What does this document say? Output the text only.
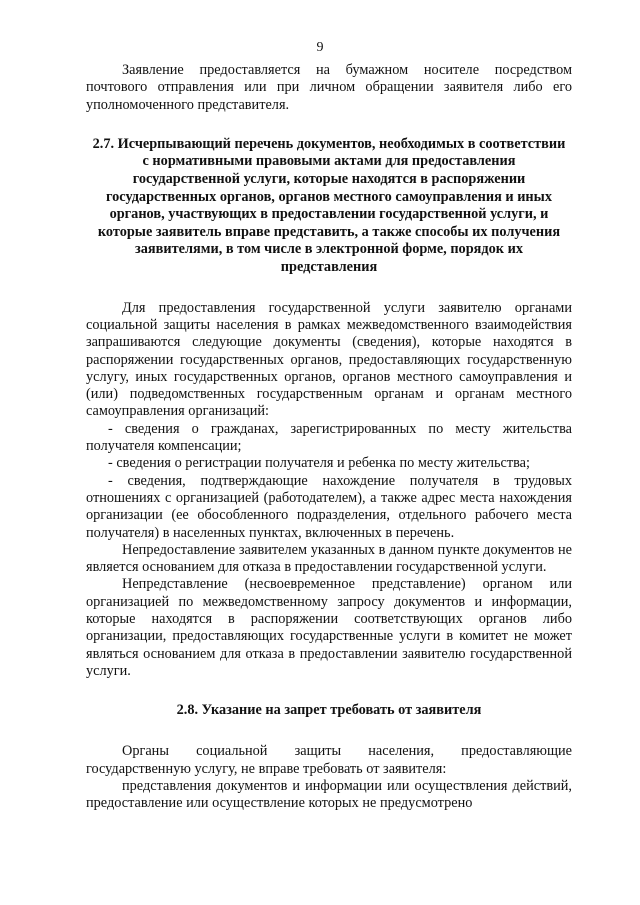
9

Заявление предоставляется на бумажном носителе посредством почтового отправления или при личном обращении заявителя либо его уполномоченного представителя.

2.7. Исчерпывающий перечень документов, необходимых в соответствии с нормативными правовыми актами для предоставления государственной услуги, которые находятся в распоряжении государственных органов, органов местного самоуправления и иных органов, участвующих в предоставлении государственной услуги, и которые заявитель вправе представить, а также способы их получения заявителями, в том числе в электронной форме, порядок их представления

Для предоставления государственной услуги заявителю органами социальной защиты населения в рамках межведомственного взаимодействия запрашиваются следующие документы (сведения), которые находятся в распоряжении государственных органов, предоставляющих государственную услугу, иных государственных органов, органов местного самоуправления и (или) подведомственных государственным органам и органам местного самоуправления организаций:

- сведения о гражданах, зарегистрированных по месту жительства получателя компенсации;

- сведения о регистрации получателя и ребенка по месту жительства;

- сведения, подтверждающие нахождение получателя в трудовых отношениях с организацией (работодателем), а также адрес места нахождения организации (ее обособленного подразделения, отдельного рабочего места получателя) в населенных пунктах, включенных в перечень.

Непредоставление заявителем указанных в данном пункте документов не является основанием для отказа в предоставлении государственной услуги.

Непредставление (несвоевременное представление) органом или организацией по межведомственному запросу документов и информации, которые находятся в распоряжении соответствующих органов либо организации, предоставляющих государственные услуги в комитет не может являться основанием для отказа в предоставлении заявителю государственной услуги.

2.8. Указание на запрет требовать от заявителя

Органы социальной защиты населения, предоставляющие государственную услугу, не вправе требовать от заявителя:

представления документов и информации или осуществления действий, предоставление или осуществление которых не предусмотрено
